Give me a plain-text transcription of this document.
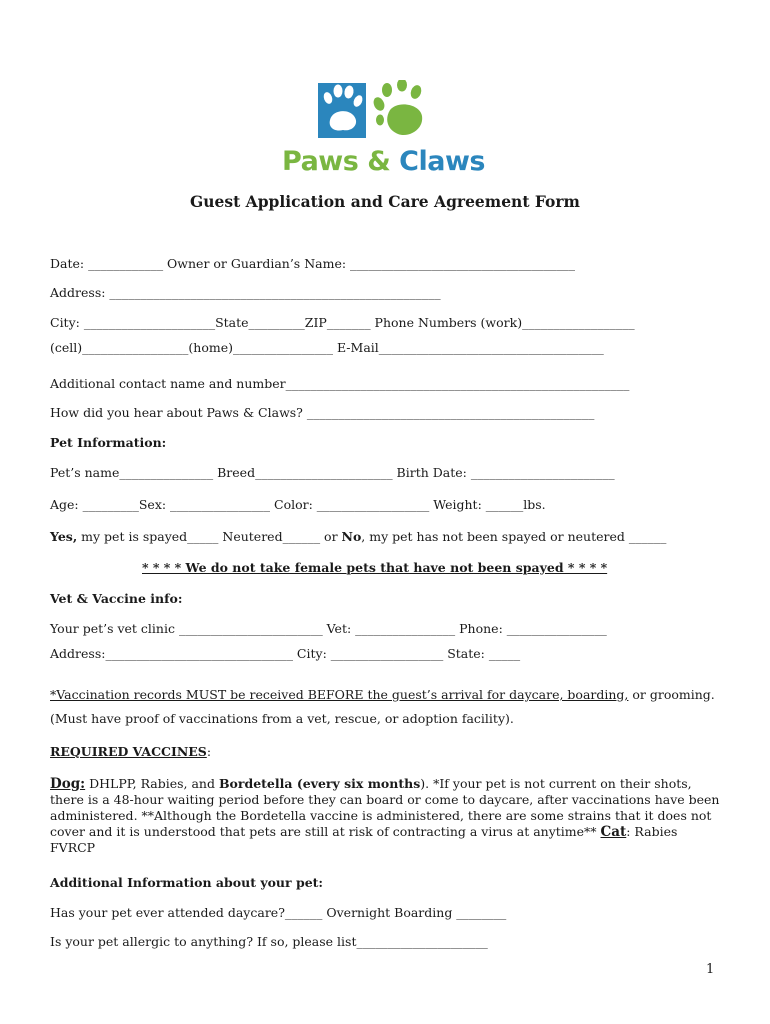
Paws & Claws
Guest Application and Care Agreement Form
Date: ____________ Owner or Guardian’s Name: ____________________________________
Address: _____________________________________________________
City: _____________________State_________ZIP_______ Phone Numbers (work)__________________
(cell)_________________(home)________________ E-Mail____________________________________
Additional contact name and number_______________________________________________________
How did you hear about Paws & Claws? ______________________________________________
Pet Information:
Pet’s name_______________ Breed______________________ Birth Date: _______________________
Age: _________Sex: ________________ Color: __________________ Weight: ______lbs.
Yes, my pet is spayed_____ Neutered______ or No, my pet has not been spayed or neutered ______
* * * * We do not take female pets that have not been spayed * * * *
Vet & Vaccine info:
Your pet’s vet clinic _______________________ Vet: ________________ Phone: ________________
Address:______________________________ City: __________________ State: _____
*Vaccination records MUST be received BEFORE the guest’s arrival for daycare, boarding, or grooming. (Must have proof of vaccinations from a vet, rescue, or adoption facility).
REQUIRED VACCINES:
Dog: DHLPP, Rabies, and Bordetella (every six months). *If your pet is not current on their shots, there is a 48-hour waiting period before they can board or come to daycare, after vaccinations have been administered. **Although the Bordetella vaccine is administered, there are some strains that it does not cover and it is understood that pets are still at risk of contracting a virus at anytime** Cat: Rabies FVRCP
Additional Information about your pet:
Has your pet ever attended daycare?______ Overnight Boarding ________
Is your pet allergic to anything? If so, please list_____________________
1
